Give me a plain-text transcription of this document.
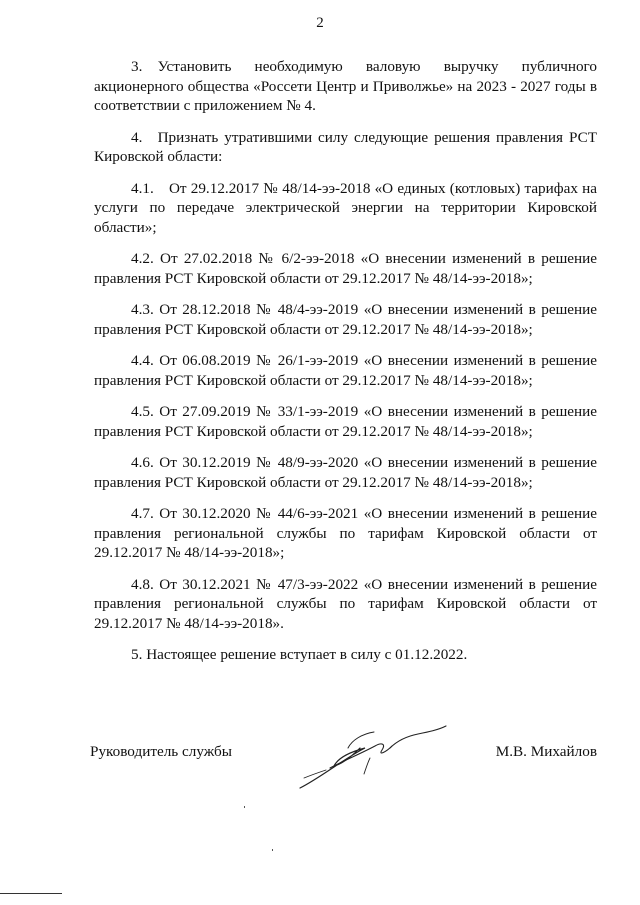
2

3. Установить необходимую валовую выручку публичного акционерного общества «Россети Центр и Приволжье» на 2023 - 2027 годы в соответствии с приложением № 4.

4. Признать утратившими силу следующие решения правления РСТ Кировской области:

4.1. От 29.12.2017 № 48/14-ээ-2018 «О единых (котловых) тарифах на услуги по передаче электрической энергии на территории Кировской области»;

4.2. От 27.02.2018 № 6/2-ээ-2018 «О внесении изменений в решение правления РСТ Кировской области от 29.12.2017 № 48/14-ээ-2018»;

4.3. От 28.12.2018 № 48/4-ээ-2019 «О внесении изменений в решение правления РСТ Кировской области от 29.12.2017 № 48/14-ээ-2018»;

4.4. От 06.08.2019 № 26/1-ээ-2019 «О внесении изменений в решение правления РСТ Кировской области от 29.12.2017 № 48/14-ээ-2018»;

4.5. От 27.09.2019 № 33/1-ээ-2019 «О внесении изменений в решение правления РСТ Кировской области от 29.12.2017 № 48/14-ээ-2018»;

4.6. От 30.12.2019 № 48/9-ээ-2020 «О внесении изменений в решение правления РСТ Кировской области от 29.12.2017 № 48/14-ээ-2018»;

4.7. От 30.12.2020 № 44/6-ээ-2021 «О внесении изменений в решение правления региональной службы по тарифам Кировской области от 29.12.2017 № 48/14-ээ-2018»;

4.8. От 30.12.2021 № 47/3-ээ-2022 «О внесении изменений в решение правления региональной службы по тарифам Кировской области от 29.12.2017 № 48/14-ээ-2018».

5. Настоящее решение вступает в силу с 01.12.2022.

Руководитель службы	М.В. Михайлов
